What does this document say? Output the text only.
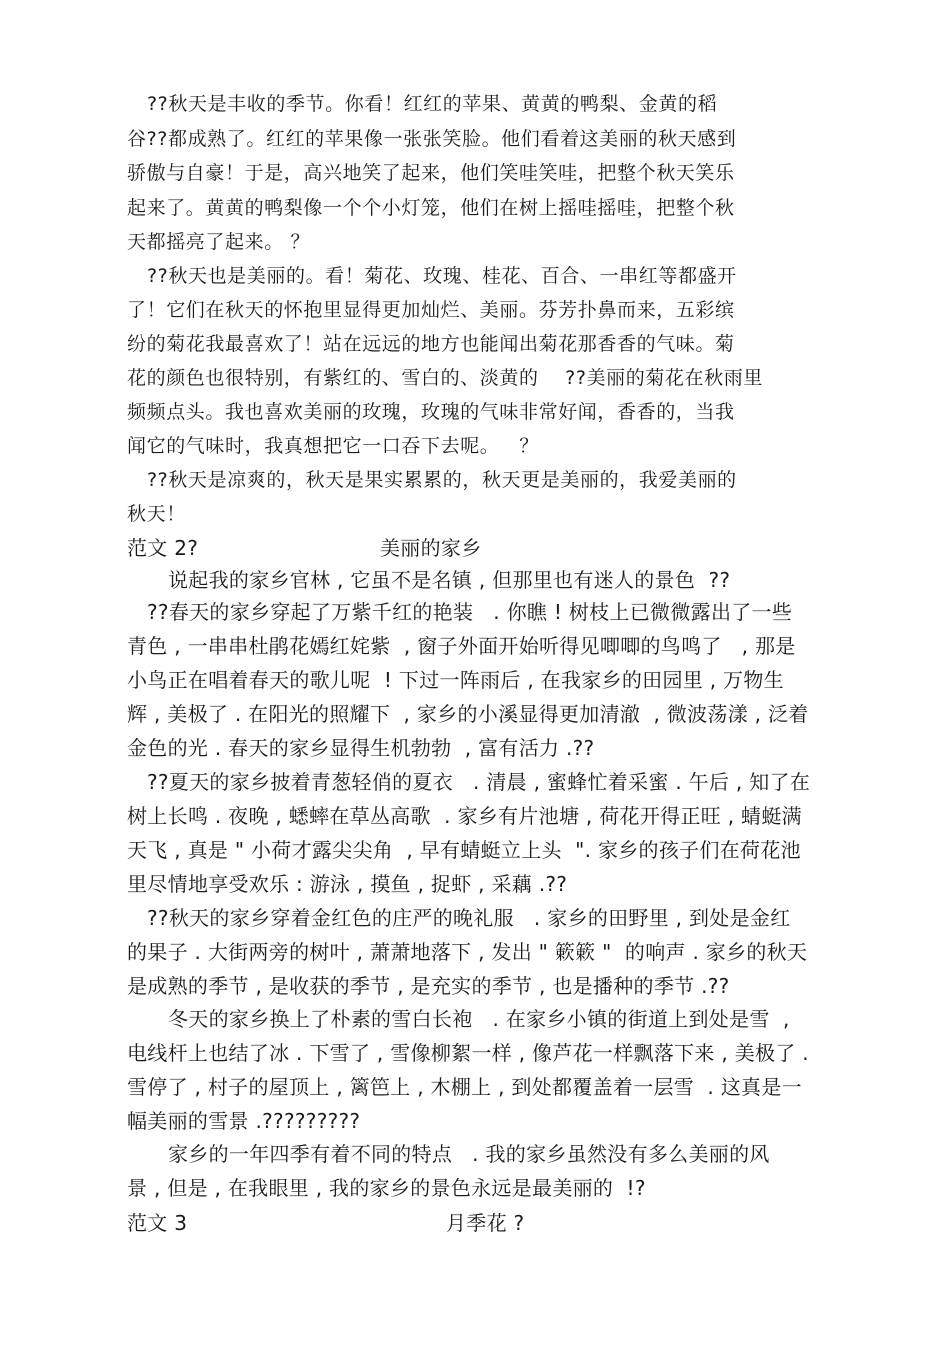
??秋天是丰收的季节。你看！红红的苹果、黄黄的鸭梨、金黄的稻
谷??都成熟了。红红的苹果像一张张笑脸。他们看着这美丽的秋天感到
骄傲与自豪！于是，高兴地笑了起来，他们笑哇笑哇，把整个秋天笑乐
起来了。黄黄的鸭梨像一个个小灯笼，他们在树上摇哇摇哇，把整个秋
天都摇亮了起来。 ？
??秋天也是美丽的。看！菊花、玫瑰、桂花、百合、一串红等都盛开
了！它们在秋天的怀抱里显得更加灿烂、美丽。芬芳扑鼻而来，五彩缤
纷的菊花我最喜欢了！站在远远的地方也能闻出菊花那香香的气味。菊
花的颜色也很特别，有紫红的、雪白的、淡黄的    ??美丽的菊花在秋雨里
频频点头。我也喜欢美丽的玫瑰，玫瑰的气味非常好闻，香香的，当我
闻它的气味时，我真想把它一口吞下去呢。   ？
??秋天是凉爽的，秋天是果实累累的，秋天更是美丽的，我爱美丽的
秋天！
范文 2?	美丽的家乡
说起我的家乡官林 , 它虽不是名镇 , 但那里也有迷人的景色  ??
??春天的家乡穿起了万紫千红的艳装   . 你瞧 ! 树枝上已微微露出了一些
青色 , 一串串杜鹃花嫣红姹紫  , 窗子外面开始听得见唧唧的鸟鸣了   , 那是
小鸟正在唱着春天的歌儿呢  ! 下过一阵雨后 , 在我家乡的田园里 , 万物生
辉 , 美极了 . 在阳光的照耀下  , 家乡的小溪显得更加清澈  , 微波荡漾 , 泛着
金色的光 . 春天的家乡显得生机勃勃  , 富有活力 .??
??夏天的家乡披着青葱轻俏的夏衣   . 清晨 , 蜜蜂忙着采蜜 . 午后 , 知了在
树上长鸣 . 夜晚 , 蟋蟀在草丛高歌  . 家乡有片池塘 , 荷花开得正旺 , 蜻蜓满
天飞 , 真是 " 小荷才露尖尖角  , 早有蜻蜓立上头  ". 家乡的孩子们在荷花池
里尽情地享受欢乐 : 游泳 , 摸鱼 , 捉虾 , 采藕 .??
??秋天的家乡穿着金红色的庄严的晚礼服   . 家乡的田野里 , 到处是金红
的果子 . 大街两旁的树叶 , 萧萧地落下 , 发出 " 簌簌 "  的响声 . 家乡的秋天
是成熟的季节 , 是收获的季节 , 是充实的季节 , 也是播种的季节 .??
冬天的家乡换上了朴素的雪白长袍   . 在家乡小镇的街道上到处是雪  ,
电线杆上也结了冰 . 下雪了 , 雪像柳絮一样 , 像芦花一样飘落下来 , 美极了 .
雪停了 , 村子的屋顶上 , 篱笆上 , 木棚上 , 到处都覆盖着一层雪  . 这真是一
幅美丽的雪景 .?????????
家乡的一年四季有着不同的特点   . 我的家乡虽然没有多么美丽的风
景 , 但是 , 在我眼里 , 我的家乡的景色永远是最美丽的  !?
范文 3	月季花 ?
